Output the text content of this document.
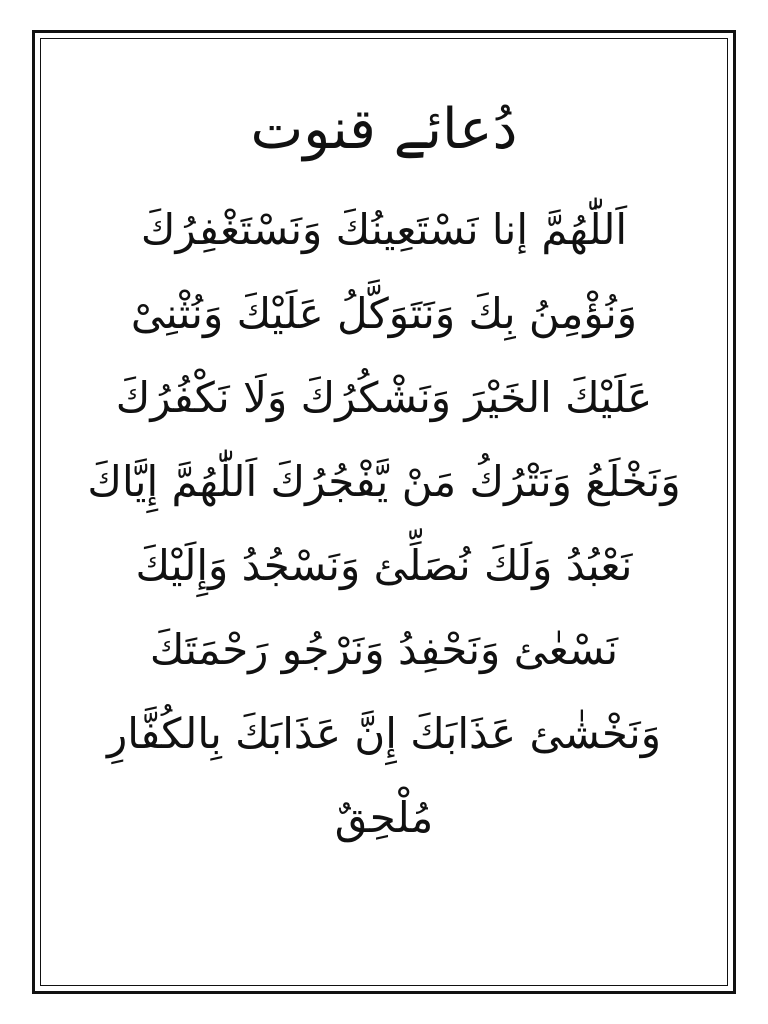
دُعائے قنوت

اَللّٰهُمَّ إنا نَسْتَعِينُكَ وَنَسْتَغْفِرُكَ

وَنُؤْمِنُ بِكَ وَنَتَوَكَّلُ عَلَيْكَ وَنُثْنِىْ

عَلَيْكَ الخَيْرَ وَنَشْكُرُكَ وَلَا نَكْفُرُكَ

وَنَخْلَعُ وَنَتْرُكُ مَنْ يَّفْجُرُكَ اَللّٰهُمَّ إِيَّاكَ

نَعْبُدُ وَلَكَ نُصَلِّئ وَنَسْجُدُ وَإِلَيْكَ

نَسْعٰئ وَنَحْفِدُ وَنَرْجُو رَحْمَتَكَ

وَنَخْشٰئ عَذَابَكَ إِنَّ عَذَابَكَ بِالكُفَّارِ

مُلْحِقٌ
